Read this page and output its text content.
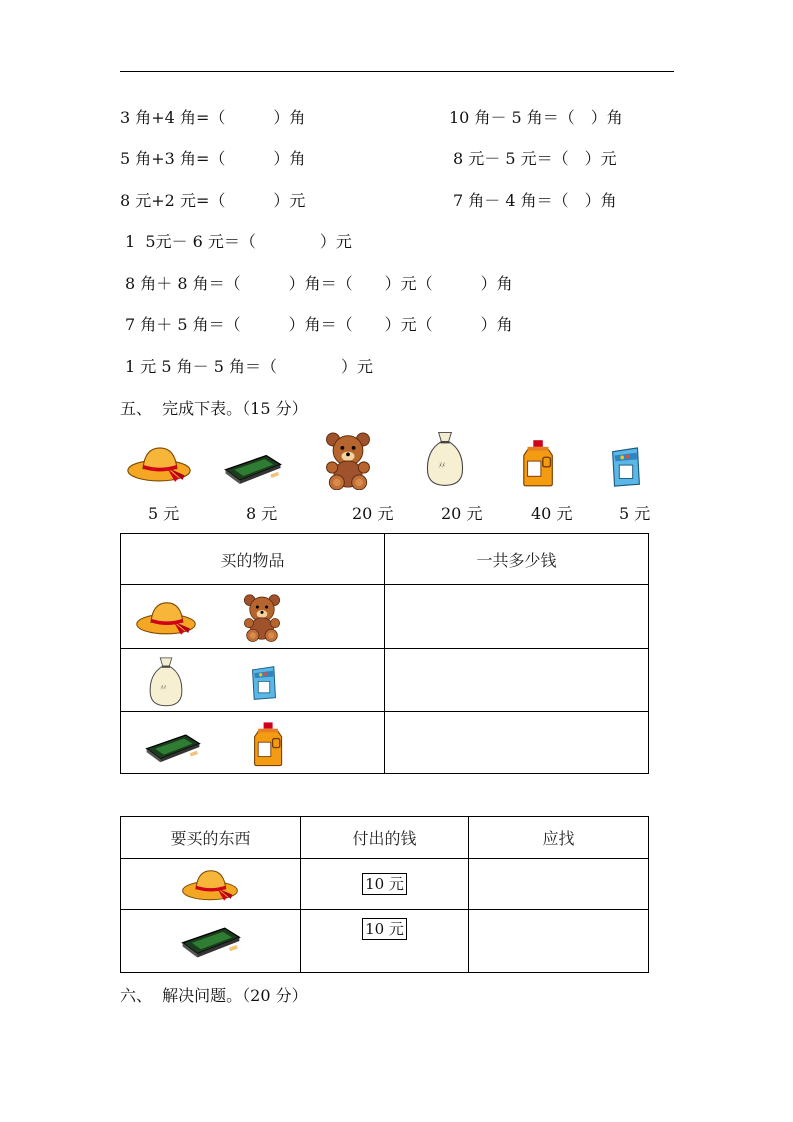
3 角+4 角=（　　　）角
5 角+3 角=（　　　）角
8 元+2 元=（　　　）元
10 角－ 5 角＝（　）角
8 元－ 5 元＝（　）元
7 角－ 4 角＝（　）角
1  5元－ 6 元＝（　　　　）元
8 角＋ 8 角＝（　　　）角＝（　　）元（　　　）角
7 角＋ 5 角＝（　　　）角＝（　　）元（　　　）角
1 元 5 角－ 5 角＝（　　　　）元
五、  完成下表。（15 分）
5 元	8 元	20 元	20 元	40 元	5 元
买的物品	一共多少钱

要买的东西	付出的钱	应找

	10 元	

	10 元	
六、  解决问题。（20 分）
